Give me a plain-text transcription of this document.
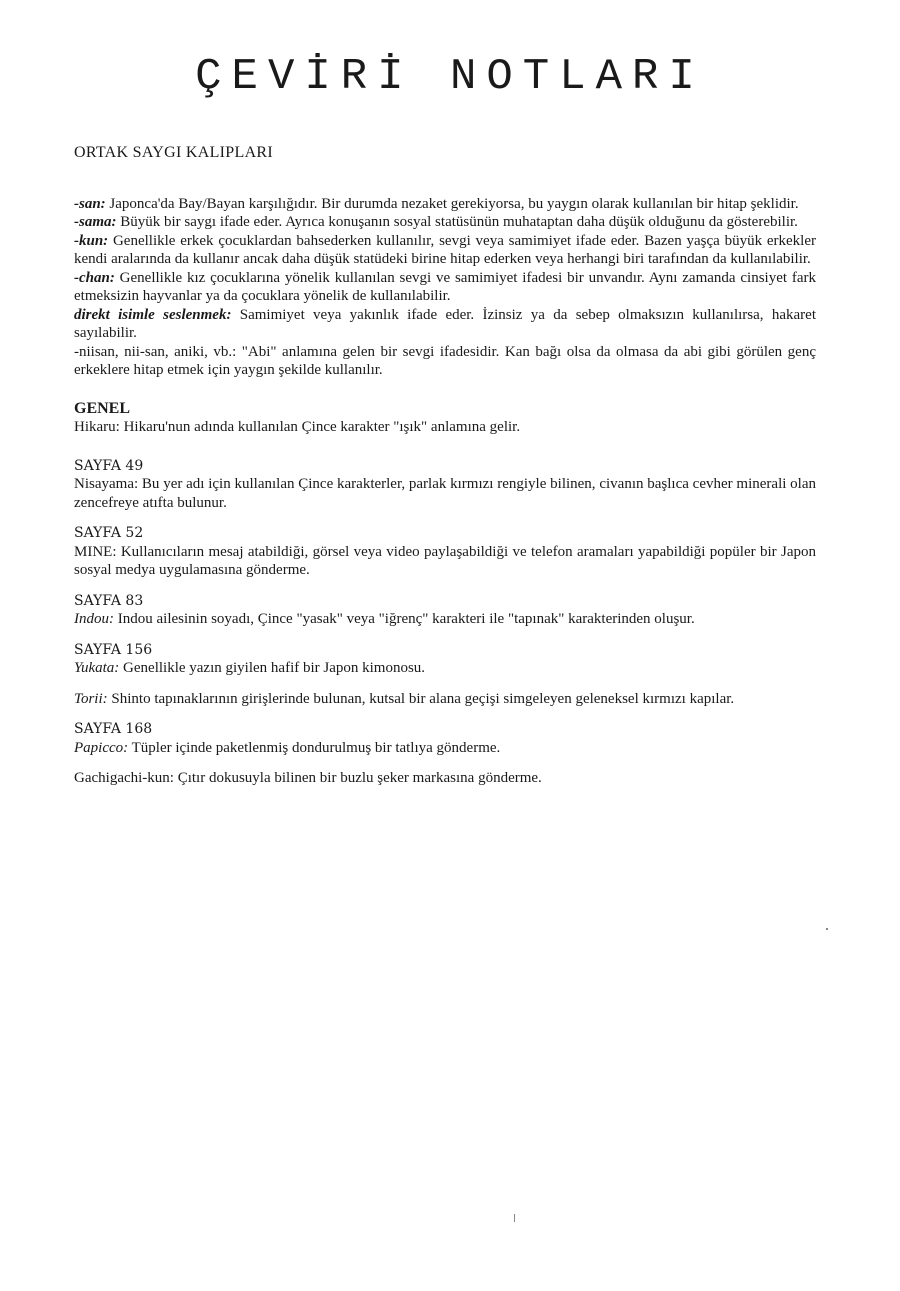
ÇEVİRİ NOTLARI
ORTAK SAYGI KALIPLARI

-san: Japonca'da Bay/Bayan karşılığıdır. Bir durumda nezaket gerekiyorsa, bu yaygın olarak kullanılan bir hitap şeklidir.

-sama: Büyük bir saygı ifade eder. Ayrıca konuşanın sosyal statüsünün muhataptan daha düşük olduğunu da gösterebilir.

-kun: Genellikle erkek çocuklardan bahsederken kullanılır, sevgi veya samimiyet ifade eder. Bazen yaşça büyük erkekler kendi aralarında da kullanır ancak daha düşük statüdeki birine hitap ederken veya herhangi biri tarafından da kullanılabilir.

-chan: Genellikle kız çocuklarına yönelik kullanılan sevgi ve samimiyet ifadesi bir unvandır. Aynı zamanda cinsiyet fark etmeksizin hayvanlar ya da çocuklara yönelik de kullanılabilir.

direkt isimle seslenmek: Samimiyet veya yakınlık ifade eder. İzinsiz ya da sebep olmaksızın kullanılırsa, hakaret sayılabilir.

-niisan, nii-san, aniki, vb.: "Abi" anlamına gelen bir sevgi ifadesidir. Kan bağı olsa da olmasa da abi gibi görülen genç erkeklere hitap etmek için yaygın şekilde kullanılır.

GENEL

Hikaru: Hikaru'nun adında kullanılan Çince karakter "ışık" anlamına gelir.

SAYFA 49

Nisayama: Bu yer adı için kullanılan Çince karakterler, parlak kırmızı rengiyle bilinen, civanın başlıca cevher minerali olan zencefreye atıfta bulunur.

SAYFA 52

MINE: Kullanıcıların mesaj atabildiği, görsel veya video paylaşabildiği ve telefon aramaları yapabildiği popüler bir Japon sosyal medya uygulamasına gönderme.

SAYFA 83

Indou: Indou ailesinin soyadı, Çince "yasak" veya "iğrenç" karakteri ile "tapınak" karakterinden oluşur.

SAYFA 156

Yukata: Genellikle yazın giyilen hafif bir Japon kimonosu.

Torii: Shinto tapınaklarının girişlerinde bulunan, kutsal bir alana geçişi simgeleyen geleneksel kırmızı kapılar.

SAYFA 168

Papicco: Tüpler içinde paketlenmiş dondurulmuş bir tatlıya gönderme.

Gachigachi-kun: Çıtır dokusuyla bilinen bir buzlu şeker markasına gönderme.
